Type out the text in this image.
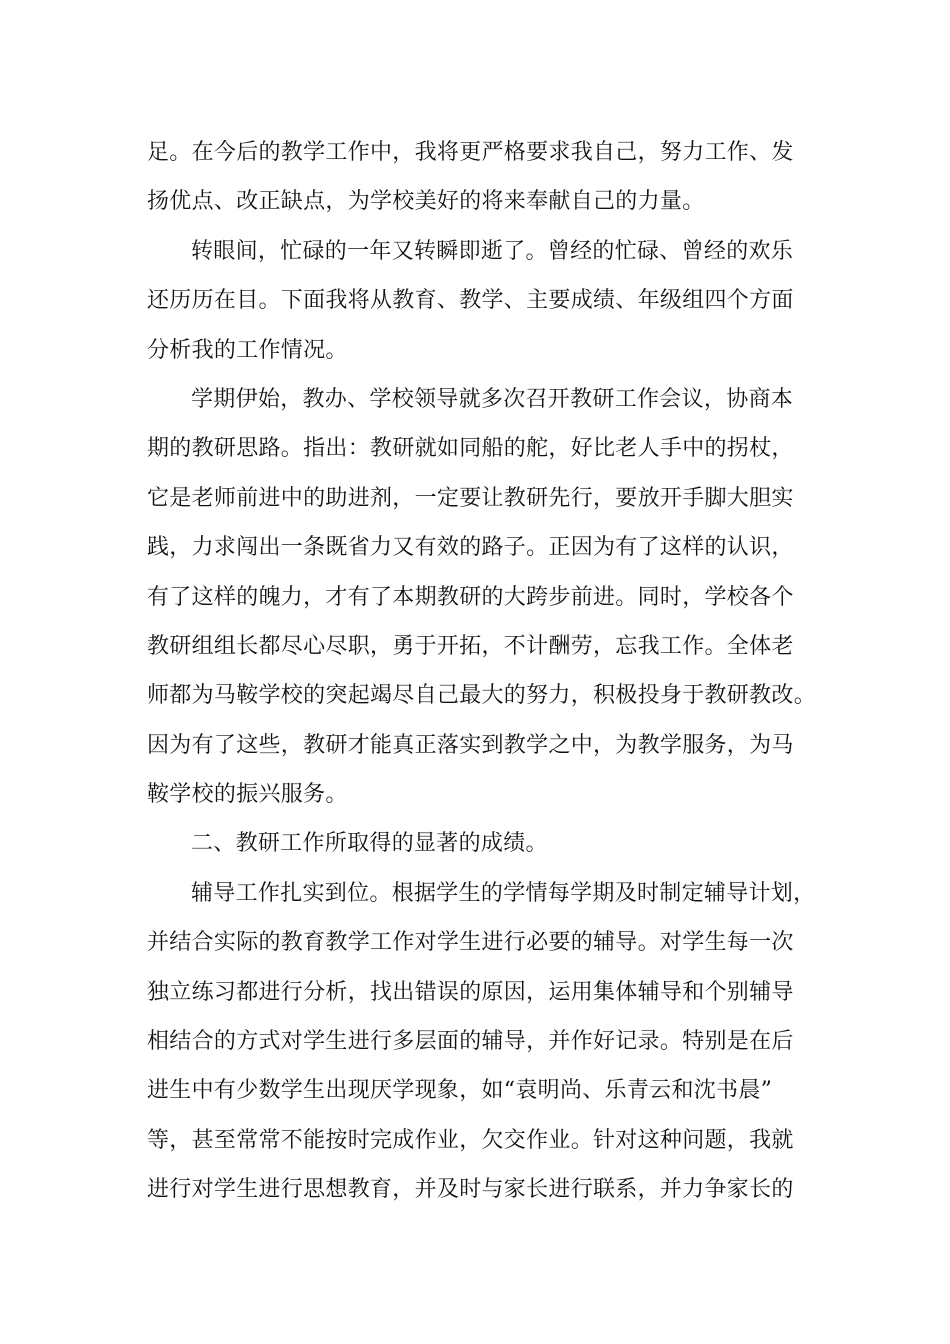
足。在今后的教学工作中，我将更严格要求我自己，努力工作、发
扬优点、改正缺点，为学校美好的将来奉献自己的力量。
转眼间，忙碌的一年又转瞬即逝了。曾经的忙碌、曾经的欢乐
还历历在目。下面我将从教育、教学、主要成绩、年级组四个方面
分析我的工作情况。
学期伊始，教办、学校领导就多次召开教研工作会议，协商本
期的教研思路。指出：教研就如同船的舵，好比老人手中的拐杖，
它是老师前进中的助进剂，一定要让教研先行，要放开手脚大胆实
践，力求闯出一条既省力又有效的路子。正因为有了这样的认识，
有了这样的魄力，才有了本期教研的大跨步前进。同时，学校各个
教研组组长都尽心尽职，勇于开拓，不计酬劳，忘我工作。全体老
师都为马鞍学校的突起竭尽自己最大的努力，积极投身于教研教改。
因为有了这些，教研才能真正落实到教学之中，为教学服务，为马
鞍学校的振兴服务。
二、教研工作所取得的显著的成绩。
辅导工作扎实到位。根据学生的学情每学期及时制定辅导计划，
并结合实际的教育教学工作对学生进行必要的辅导。对学生每一次
独立练习都进行分析，找出错误的原因，运用集体辅导和个别辅导
相结合的方式对学生进行多层面的辅导，并作好记录。特别是在后
进生中有少数学生出现厌学现象，如“袁明尚、乐青云和沈书晨”
等，甚至常常不能按时完成作业，欠交作业。针对这种问题，我就
进行对学生进行思想教育，并及时与家长进行联系，并力争家长的
